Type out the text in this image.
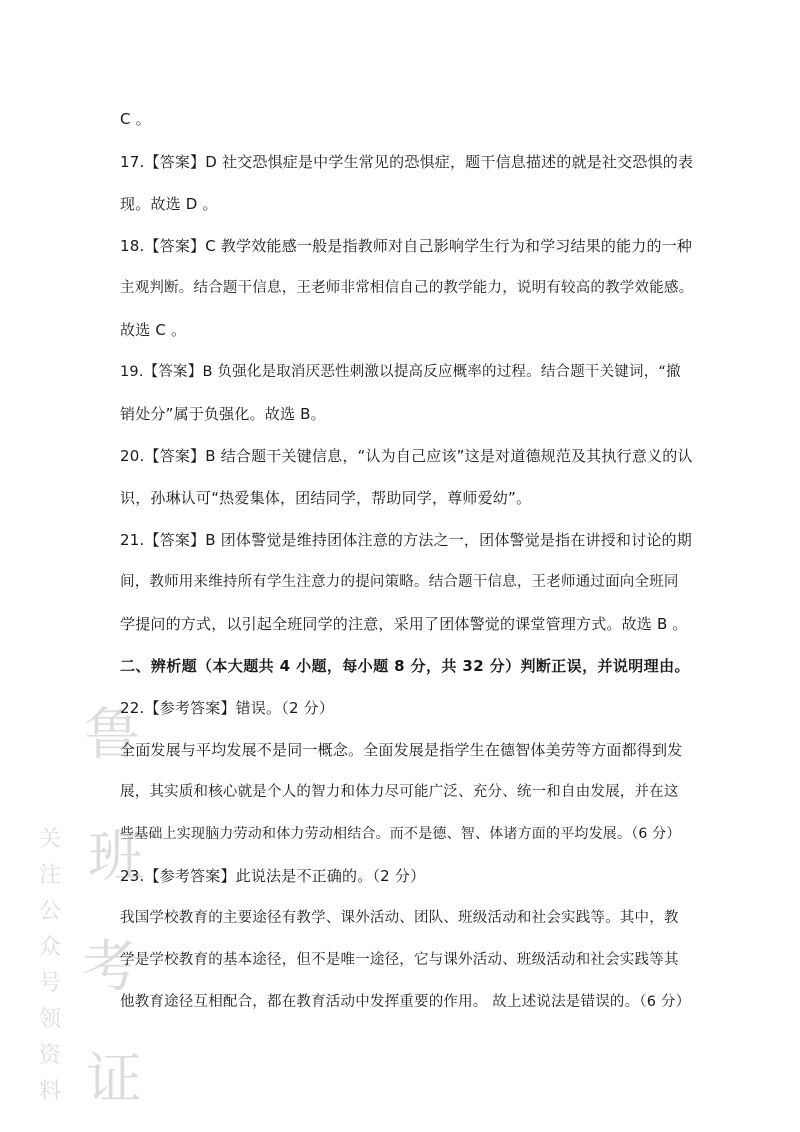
鲁
班
考
证
关注公众号领资料
C 。
17.【答案】D 社交恐惧症是中学生常见的恐惧症，题干信息描述的就是社交恐惧的表
现。故选 D 。
18.【答案】C 教学效能感一般是指教师对自己影响学生行为和学习结果的能力的一种
主观判断。结合题干信息，王老师非常相信自己的教学能力，说明有较高的教学效能感。
故选 C 。
19.【答案】B 负强化是取消厌恶性刺激以提高反应概率的过程。结合题干关键词，“撤
销处分”属于负强化。故选 B。
20.【答案】B 结合题干关键信息，“认为自己应该”这是对道德规范及其执行意义的认
识，孙琳认可“热爱集体，团结同学，帮助同学，尊师爱幼”。
21.【答案】B 团体警觉是维持团体注意的方法之一，团体警觉是指在讲授和讨论的期
间，教师用来维持所有学生注意力的提问策略。结合题干信息，王老师通过面向全班同
学提问的方式，以引起全班同学的注意，采用了团体警觉的课堂管理方式。故选 B 。
二、辨析题（本大题共 4 小题，每小题 8 分，共 32 分）判断正误，并说明理由。
22.【参考答案】错误。（2 分）
全面发展与平均发展不是同一概念。全面发展是指学生在德智体美劳等方面都得到发
展，其实质和核心就是个人的智力和体力尽可能广泛、充分、统一和自由发展，并在这
些基础上实现脑力劳动和体力劳动相结合。而不是德、智、体诸方面的平均发展。（6 分）
23.【参考答案】此说法是不正确的。（2 分）
我国学校教育的主要途径有教学、课外活动、团队、班级活动和社会实践等。其中，教
学是学校教育的基本途径，但不是唯一途径，它与课外活动、班级活动和社会实践等其
他教育途径互相配合，都在教育活动中发挥重要的作用。 故上述说法是错误的。（6 分）
